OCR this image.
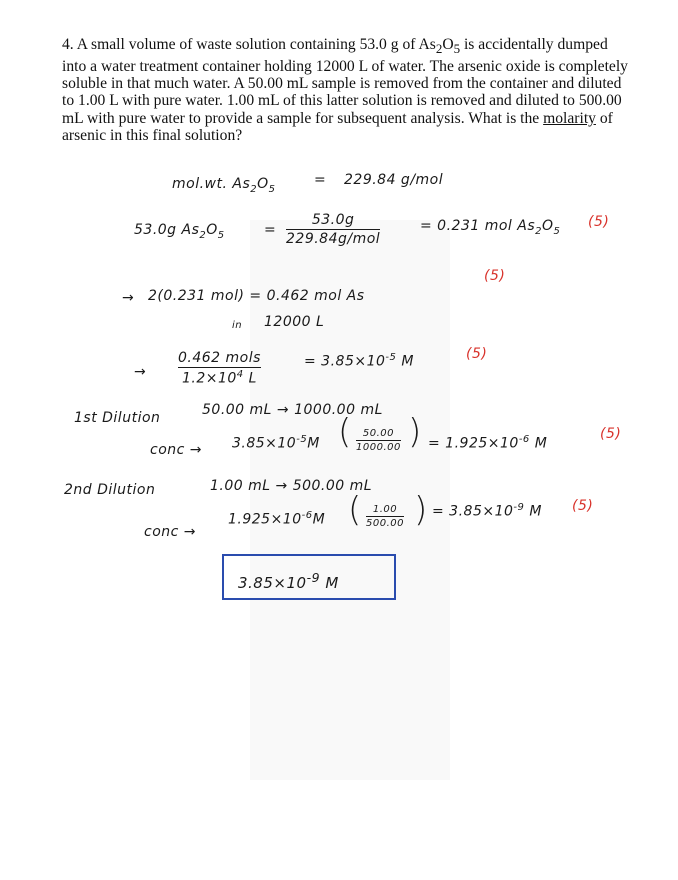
4. A small volume of waste solution containing 53.0 g of $As_2O_5$ is accidentally dumped into a water treatment container holding 12000 L of water. The arsenic oxide is completely soluble in that much water. A 50.00 mL sample is removed from the container and diluted to 1.00 L with pure water. 1.00 mL of this latter solution is removed and diluted to 500.00 mL with pure water to provide a sample for subsequent analysis. What is the molarity of arsenic in this final solution?
mol.wt. $As_2O_5$
= 229.84 g/mol
53.0g $As_2O_5$	=
53.0g
229.84g/mol
= 0.231 mol $As_2O_5$
(5)
→ 2(0.231 mol) = 0.462 mol As
(5)
in 12000 L
→
0.462 mols
$1.2\times 10^4$ L
= $3.85\times 10^{-5}$ M	(5)
1st Dilution	50.00 mL → 1000.00 mL
conc → $3.85\times 10^{-5}M$ (	50.00
1000.00 ) = $1.925\times 10^{-6}$ M
(5)
2nd Dilution	1.00 mL → 500.00 mL
conc →
$1.925\times 10^{-6}M$ (	1.00
500.00 ) = $3.85\times 10^{-9}$ M (5)
$3.85\times 10^{-9}$ M
